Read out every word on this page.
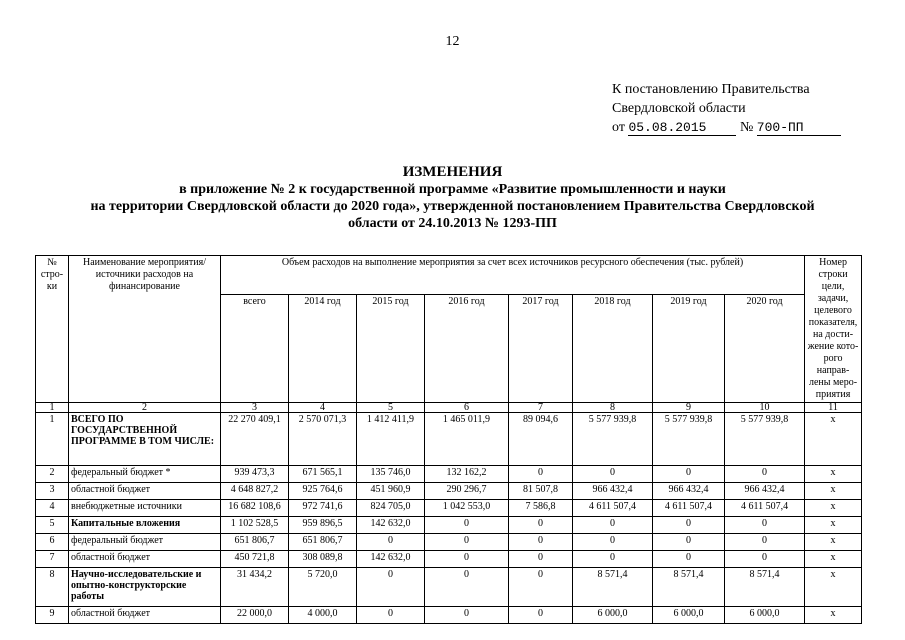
12
К постановлению Правительства
Свердловской области
от 05.08.2015 № 700-ПП
ИЗМЕНЕНИЯ
в приложение № 2 к государственной программе «Развитие промышленности и науки
на территории Свердловской области до 2020 года», утвержденной постановлением Правительства Свердловской
области от 24.10.2013 № 1293-ПП
№ стро-ки	Наименование мероприятия/ источники расходов на финансирование	Объем расходов на выполнение мероприятия за счет всех источников ресурсного обеспечения (тыс. рублей)								Номер строки цели, задачи, целевого показателя, на дости-жение кото-рого направ-лены меро-приятия
		всего	2014 год	2015 год	2016 год	2017 год	2018 год	2019 год	2020 год	
1	2	3	4	5	6	7	8	9	10	11
1	ВСЕГО ПО ГОСУДАРСТВЕННОЙ ПРОГРАММЕ В ТОМ ЧИСЛЕ:	22 270 409,1	2 570 071,3	1 412 411,9	1 465 011,9	89 094,6	5 577 939,8	5 577 939,8	5 577 939,8	x
2	федеральный бюджет *	939 473,3	671 565,1	135 746,0	132 162,2	0	0	0	0	x
3	областной бюджет	4 648 827,2	925 764,6	451 960,9	290 296,7	81 507,8	966 432,4	966 432,4	966 432,4	x
4	внебюджетные источники	16 682 108,6	972 741,6	824 705,0	1 042 553,0	7 586,8	4 611 507,4	4 611 507,4	4 611 507,4	x
5	Капитальные вложения	1 102 528,5	959 896,5	142 632,0	0	0	0	0	0	x
6	федеральный бюджет	651 806,7	651 806,7	0	0	0	0	0	0	x
7	областной бюджет	450 721,8	308 089,8	142 632,0	0	0	0	0	0	x
8	Научно-исследовательские и опытно-конструкторские работы	31 434,2	5 720,0	0	0	0	8 571,4	8 571,4	8 571,4	x
9	областной бюджет	22 000,0	4 000,0	0	0	0	6 000,0	6 000,0	6 000,0	x
